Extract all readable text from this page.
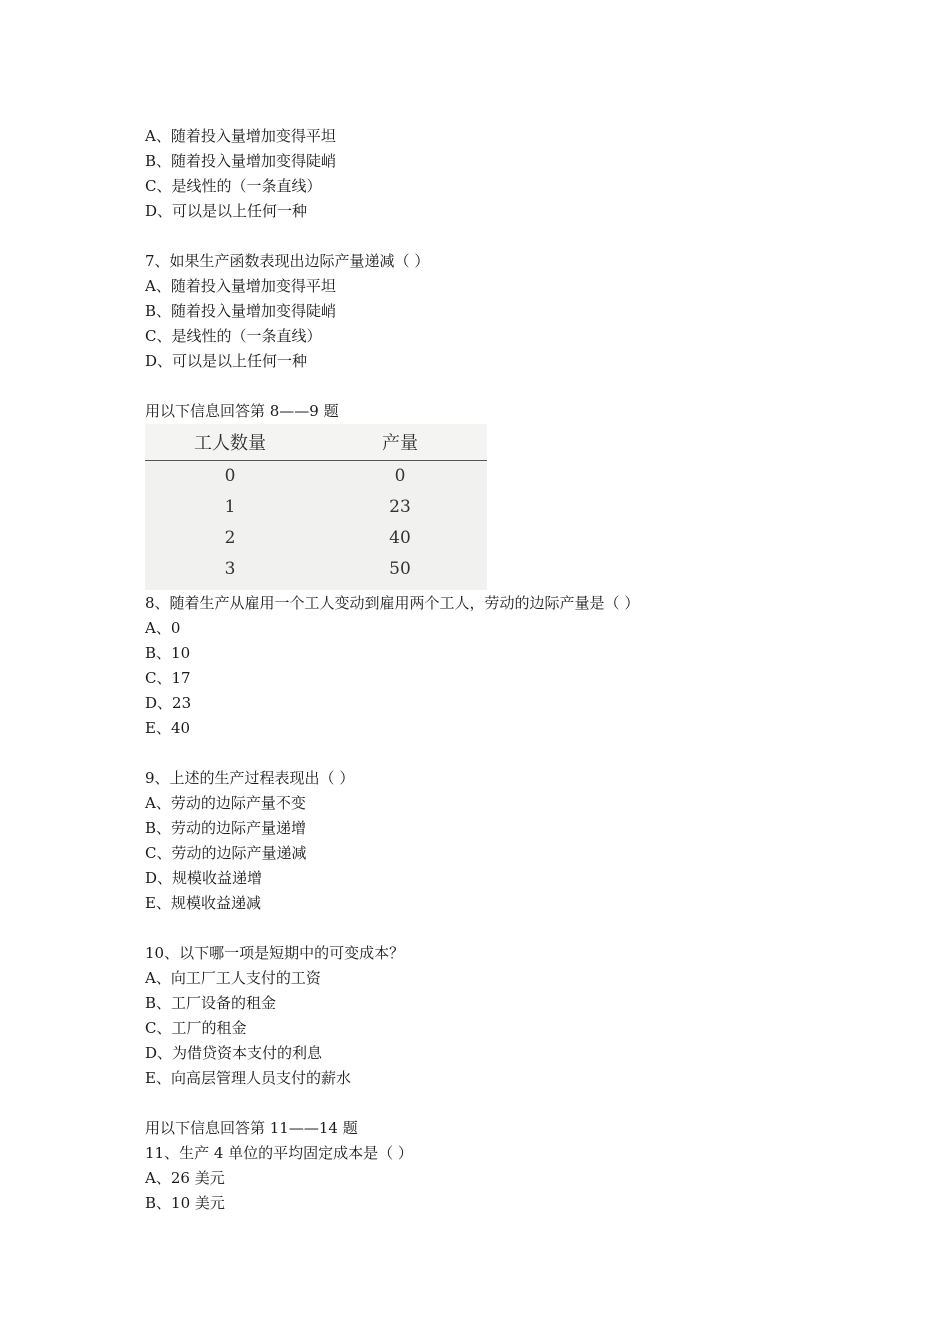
A、随着投入量增加变得平坦
B、随着投入量增加变得陡峭
C、是线性的（一条直线）
D、可以是以上任何一种
7、如果生产函数表现出边际产量递减（ ）
A、随着投入量增加变得平坦
B、随着投入量增加变得陡峭
C、是线性的（一条直线）
D、可以是以上任何一种
用以下信息回答第 8——9 题
工人数量	产量
0	0
1	23
2	40
3	50
8、随着生产从雇用一个工人变动到雇用两个工人，劳动的边际产量是（ ）
A、0
B、10
C、17
D、23
E、40
9、上述的生产过程表现出（ ）
A、劳动的边际产量不变
B、劳动的边际产量递增
C、劳动的边际产量递减
D、规模收益递增
E、规模收益递减
10、以下哪一项是短期中的可变成本？
A、向工厂工人支付的工资
B、工厂设备的租金
C、工厂的租金
D、为借贷资本支付的利息
E、向高层管理人员支付的薪水
用以下信息回答第 11——14 题
11、生产 4 单位的平均固定成本是（ ）
A、26 美元
B、10 美元
